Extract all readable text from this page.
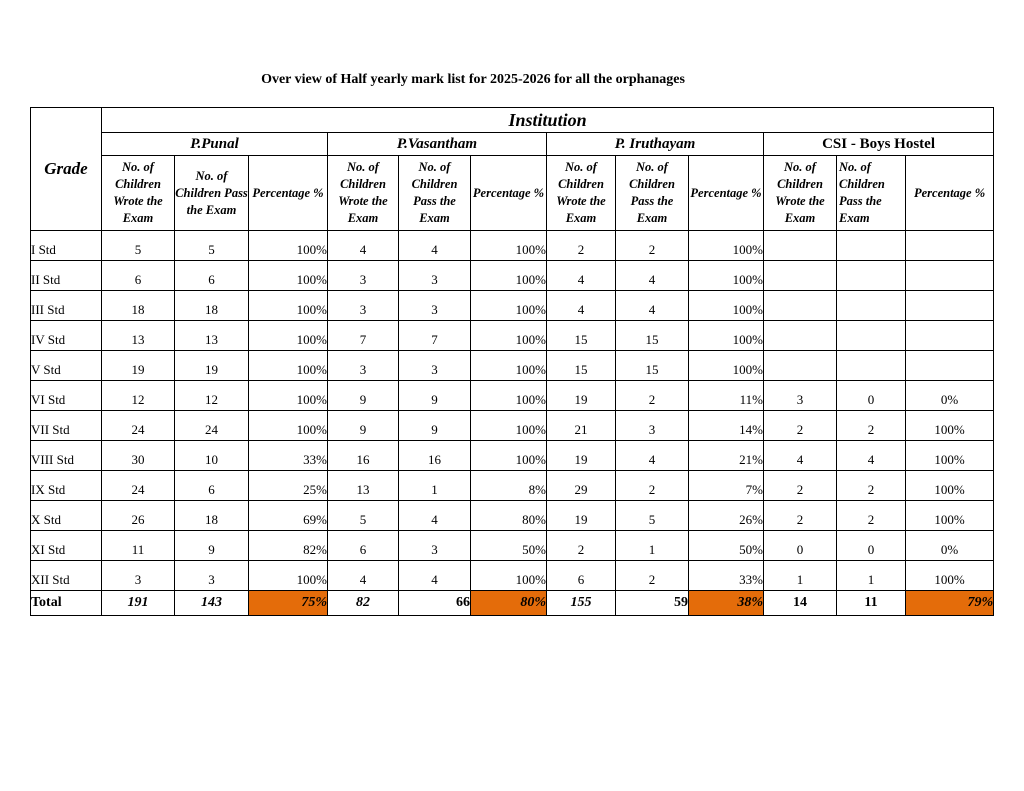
Over view of Half yearly mark list for 2025-2026 for all the orphanages
Grade	Institution											
	P.Punal			P.Vasantham			P. Iruthayam			CSI - Boys Hostel		
	No. of Children Wrote the Exam	No. of Children Pass the Exam	Percentage %	No. of Children Wrote the Exam	No. of Children Pass the Exam	Percentage %	No. of Children Wrote the Exam	No. of Children Pass the Exam	Percentage %	No. of Children Wrote the Exam	No. of Children Pass the Exam	Percentage %
I Std	5	5	100%	4	4	100%	2	2	100%			
II Std	6	6	100%	3	3	100%	4	4	100%			
III Std	18	18	100%	3	3	100%	4	4	100%			
IV Std	13	13	100%	7	7	100%	15	15	100%			
V Std	19	19	100%	3	3	100%	15	15	100%			
VI Std	12	12	100%	9	9	100%	19	2	11%	3	0	0%
VII Std	24	24	100%	9	9	100%	21	3	14%	2	2	100%
VIII Std	30	10	33%	16	16	100%	19	4	21%	4	4	100%
IX Std	24	6	25%	13	1	8%	29	2	7%	2	2	100%
X Std	26	18	69%	5	4	80%	19	5	26%	2	2	100%
XI Std	11	9	82%	6	3	50%	2	1	50%	0	0	0%
XII Std	3	3	100%	4	4	100%	6	2	33%	1	1	100%
Total	191	143	75%	82	66	80%	155	59	38%	14	11	79%
